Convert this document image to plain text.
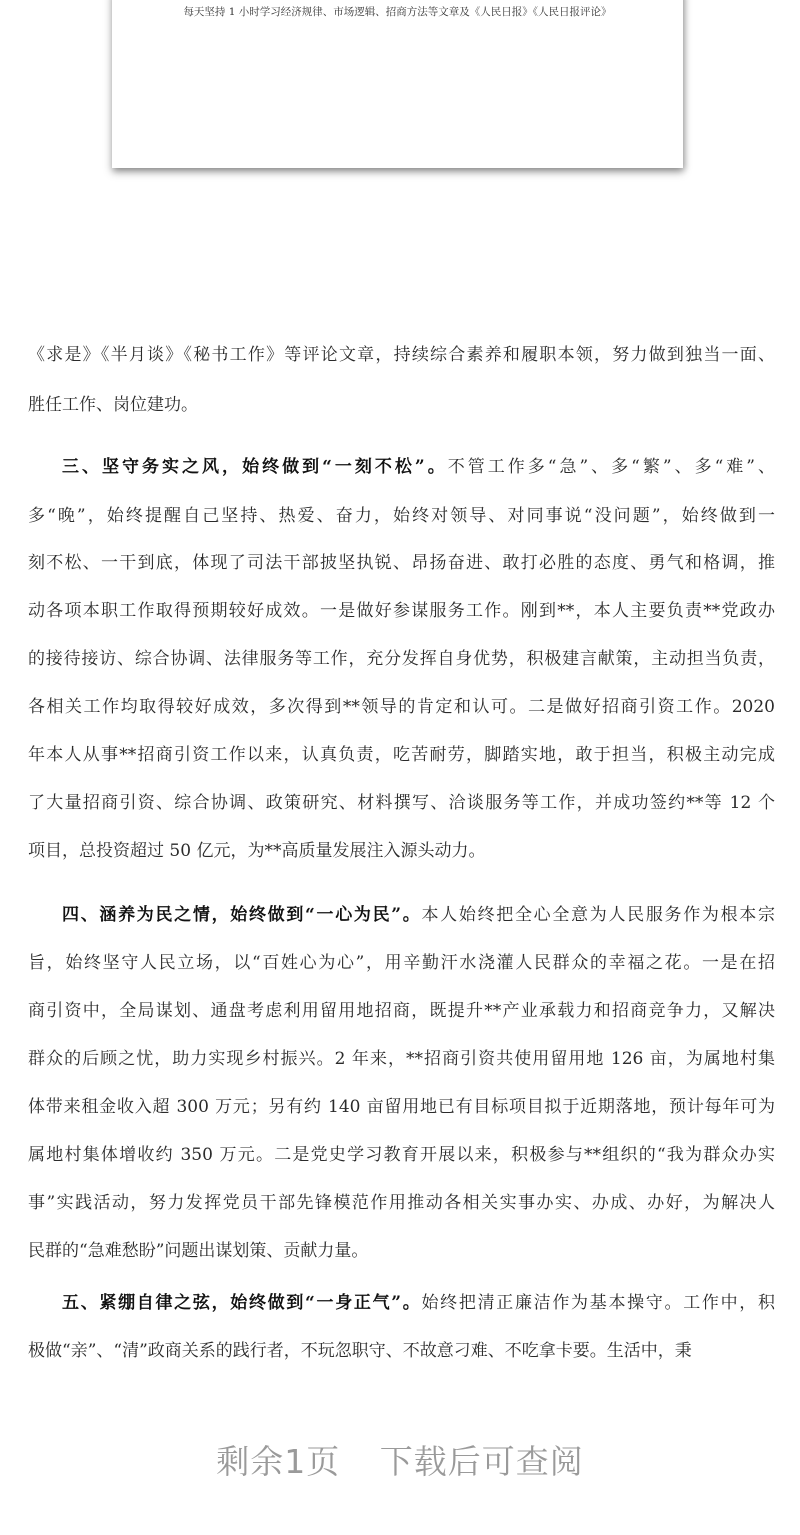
每天坚持 1 小时学习经济规律、市场逻辑、招商方法等文章及《人民日报》《人民日报评论》
《求是》《半月谈》《秘书工作》等评论文章，持续综合素养和履职本领，努力做到独当一面、
胜任工作、岗位建功。
三、坚守务实之风，始终做到“一刻不松”。不管工作多“急”、多“繁”、多“难”、
多“晚”，始终提醒自己坚持、热爱、奋力，始终对领导、对同事说“没问题”，始终做到一
刻不松、一干到底，体现了司法干部披坚执锐、昂扬奋进、敢打必胜的态度、勇气和格调，推
动各项本职工作取得预期较好成效。一是做好参谋服务工作。刚到**，本人主要负责**党政办
的接待接访、综合协调、法律服务等工作，充分发挥自身优势，积极建言献策，主动担当负责，
各相关工作均取得较好成效，多次得到**领导的肯定和认可。二是做好招商引资工作。2020
年本人从事**招商引资工作以来，认真负责，吃苦耐劳，脚踏实地，敢于担当，积极主动完成
了大量招商引资、综合协调、政策研究、材料撰写、洽谈服务等工作，并成功签约**等 12 个
项目，总投资超过 50 亿元，为**高质量发展注入源头动力。
四、涵养为民之情，始终做到“一心为民”。本人始终把全心全意为人民服务作为根本宗
旨，始终坚守人民立场，以“百姓心为心”，用辛勤汗水浇灌人民群众的幸福之花。一是在招
商引资中，全局谋划、通盘考虑利用留用地招商，既提升**产业承载力和招商竞争力，又解决
群众的后顾之忧，助力实现乡村振兴。2 年来，**招商引资共使用留用地 126 亩，为属地村集
体带来租金收入超 300 万元；另有约 140 亩留用地已有目标项目拟于近期落地，预计每年可为
属地村集体增收约 350 万元。二是党史学习教育开展以来，积极参与**组织的“我为群众办实
事”实践活动，努力发挥党员干部先锋模范作用推动各相关实事办实、办成、办好，为解决人
民群的“急难愁盼”问题出谋划策、贡献力量。
五、紧绷自律之弦，始终做到“一身正气”。始终把清正廉洁作为基本操守。工作中，积
极做“亲”、“清”政商关系的践行者，不玩忽职守、不故意刁难、不吃拿卡要。生活中，秉
剩余1页 下载后可查阅
